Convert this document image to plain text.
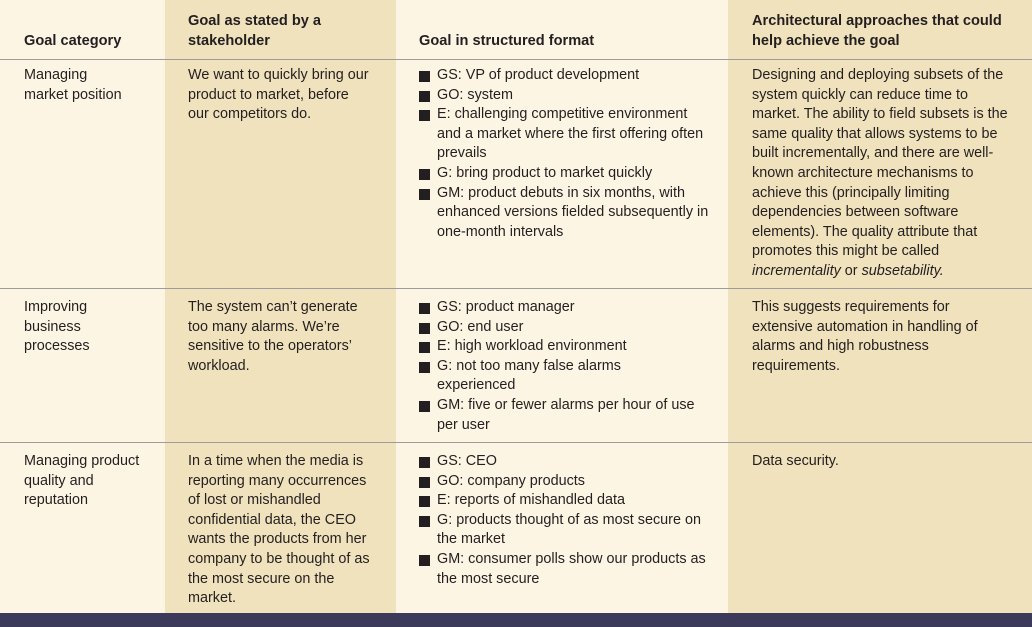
Goal category
Goal as stated by a stakeholder	Goal in structured format
Architectural approaches that could help achieve the goal
Managing market position
We want to quickly bring our product to market, before our competitors do.
GS: VP of product development
GO: system
E: challenging competitive environment and a market where the first offering often prevails
G: bring product to market quickly
GM: product debuts in six months, with enhanced versions fielded subsequently in one-month intervals
Designing and deploying subsets of the system quickly can reduce time to market. The ability to field subsets is the same quality that allows systems to be built incrementally, and there are well-known architecture mechanisms to achieve this (principally limiting dependencies between software elements). The quality attribute that promotes this might be called incrementality or subsetability.
Improving business processes
The system can’t generate too many alarms. We’re sensitive to the operators’ workload.
GS: product manager
GO: end user
E: high workload environment
G: not too many false alarms experienced
GM: five or fewer alarms per hour of use per user
This suggests requirements for extensive automation in handling of alarms and high robustness requirements.
Managing product quality and reputation
In a time when the media is reporting many occurrences of lost or mishandled confidential data, the CEO wants the products from her company to be thought of as the most secure on the market.
GS: CEO
GO: company products
E: reports of mishandled data
G: products thought of as most secure on the market
GM: consumer polls show our products as the most secure
Data security.
